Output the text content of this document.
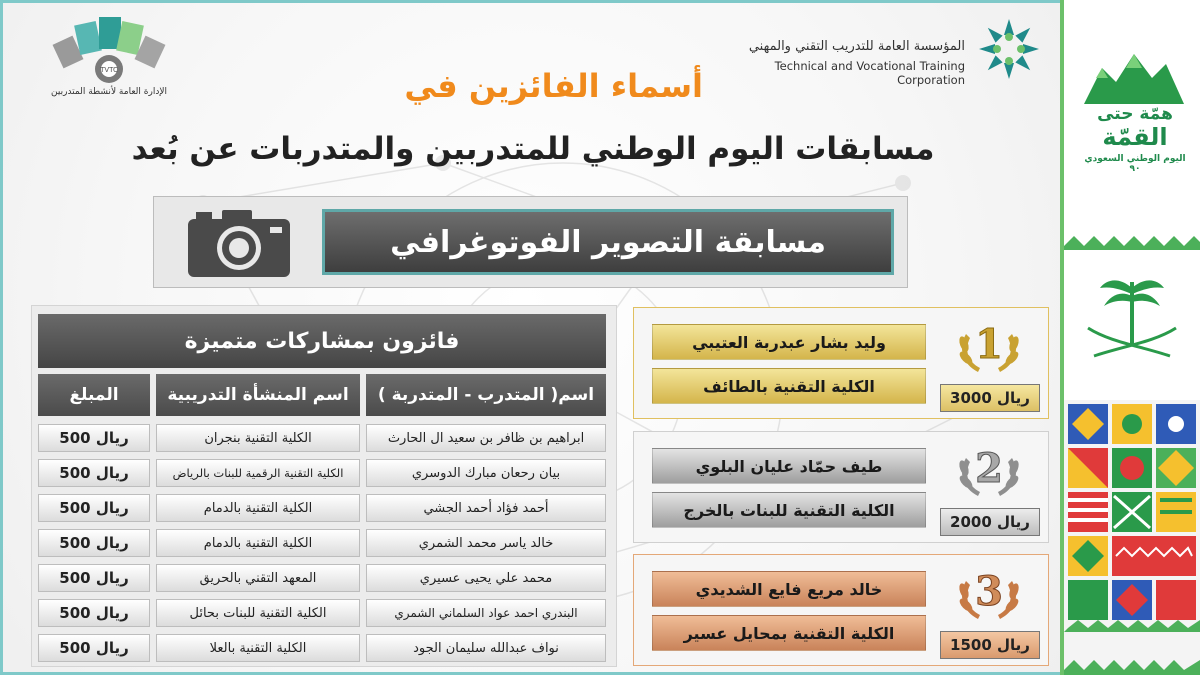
TVTC
الإدارة العامة لأنشطة المتدربين
المؤسسة العامة للتدريب التقني والمهني
Technical and Vocational Training Corporation
أسماء الفائزين في
مسابقات اليوم الوطني للمتدربين والمتدربات عن بُعد
مسابقة التصوير الفوتوغرافي
فائزون بمشاركات متميزة
المبلغ	اسم المنشأة التدريبية	اسم( المتدرب - المتدربة )
500 ريال	الكلية التقنية بنجران	ابراهيم بن ظافر بن سعيد ال الحارث
500 ريال	الكلية التقنية الرقمية للبنات بالرياض	بيان رحعان مبارك الدوسري
500 ريال	الكلية التقنية بالدمام	أحمد فؤاد أحمد الجشي
500 ريال	الكلية التقنية بالدمام	خالد ياسر محمد الشمري
500 ريال	المعهد التقني بالحريق	محمد علي يحيى عسيري
500 ريال	الكلية التقنية للبنات بحائل	البندري احمد عواد السلماني الشمري
500 ريال	الكلية التقنية بالعلا	نواف عبدالله سليمان الجود
وليد بشار عبدربة العتيبي
الكلية التقنية بالطائف
1
3000 ريال
طيف حمّاد عليان البلوي
الكلية التقنية للبنات بالخرج
2
2000 ريال
خالد مريع فايع الشديدي
الكلية التقنية بمحايل عسير
3
1500 ريال
همّة حتى
القمّة
اليوم الوطني السعودي ٩٠
